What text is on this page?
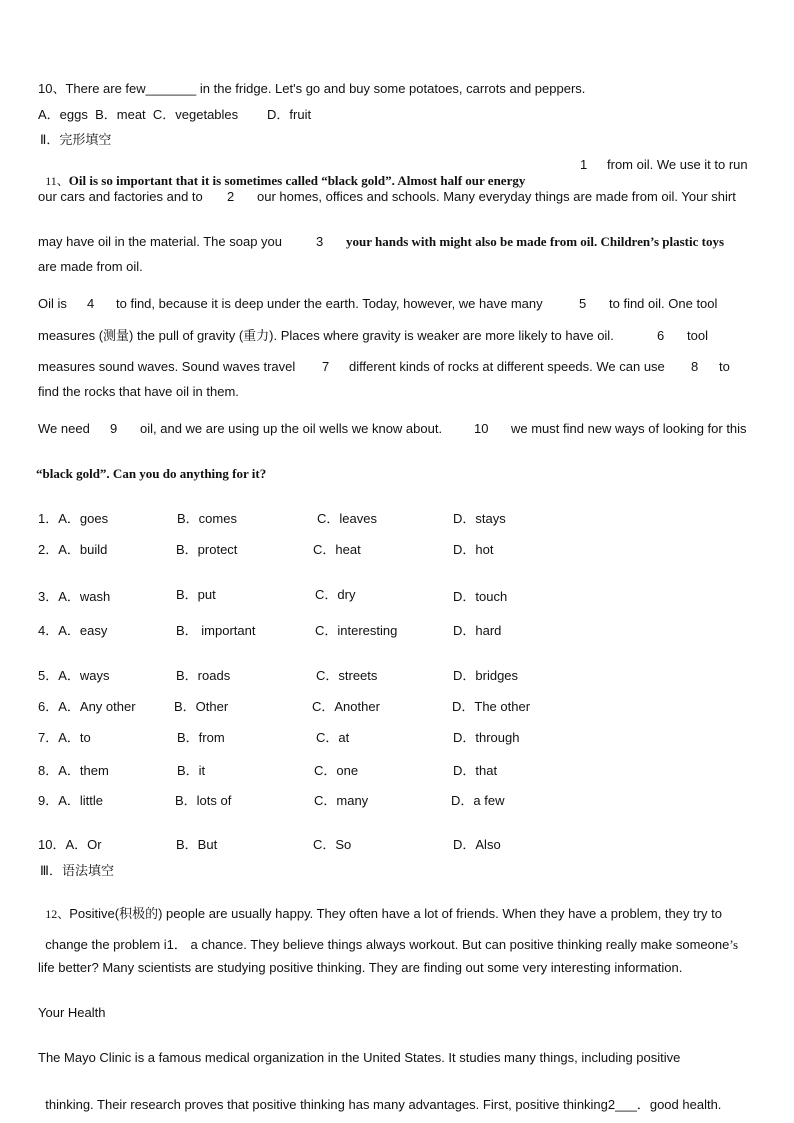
10、There are few_______ in the fridge. Let's go and buy some potatoes, carrots and peppers.
A．eggs  B．meat  C．vegetables        D．fruit
Ⅱ．完形填空

11、Oil is so important that it is sometimes called “black gold”. Almost half our energy

1 from oil. We use it to run
our cars and factories and to 2 our homes, offices and schools. Many everyday things are made from oil. Your shirt
may have oil in the material. The soap you	3 your hands with might also be made from oil. Children’s plastic toys
are made from oil.
Oil is 4 to find, because it is deep under the earth. Today, however, we have many	5 to find oil. One tool
measures (测量) the pull of gravity (重力). Places where gravity is weaker are more likely to have oil.	6 tool
measures sound waves. Sound waves travel 7 different kinds of rocks at different speeds. We can use 8 to
find the rocks that have oil in them.
We need 9 oil, and we are using up the oil wells we know about. 10 we must find new ways of looking for this
“black gold”. Can you do anything for it?
1．A．goes	B．comes	C．leaves	D．stays
2．A．build	B．protect	C．heat	D．hot
3．A．wash	B．put	C．dry	D．touch
4．A．easy	B． important	C．interesting	D．hard
5．A．ways	B．roads	C．streets	D．bridges
6．A．Any other	B．Other	C．Another	D．The other
7．A．to	B．from	C．at	D．through
8．A．them	B．it	C．one	D．that
9．A．little	B．lots of	C．many	D．a few
10．A．Or	B．But	C．So	D．Also
Ⅲ．语法填空

12、Positive(积极的) people are usually happy. They often have a lot of friends. When they have a problem, they try to

change the problem i1． a chance. They believe things always workout. But can positive thinking really make someone’s

life better? Many scientists are studying positive thinking. They are finding out some very interesting information.
Your Health
The Mayo Clinic is a famous medical organization in the United States. It studies many things, including positive

thinking. Their research proves that positive thinking has many advantages. First, positive thinking2___．good health.
